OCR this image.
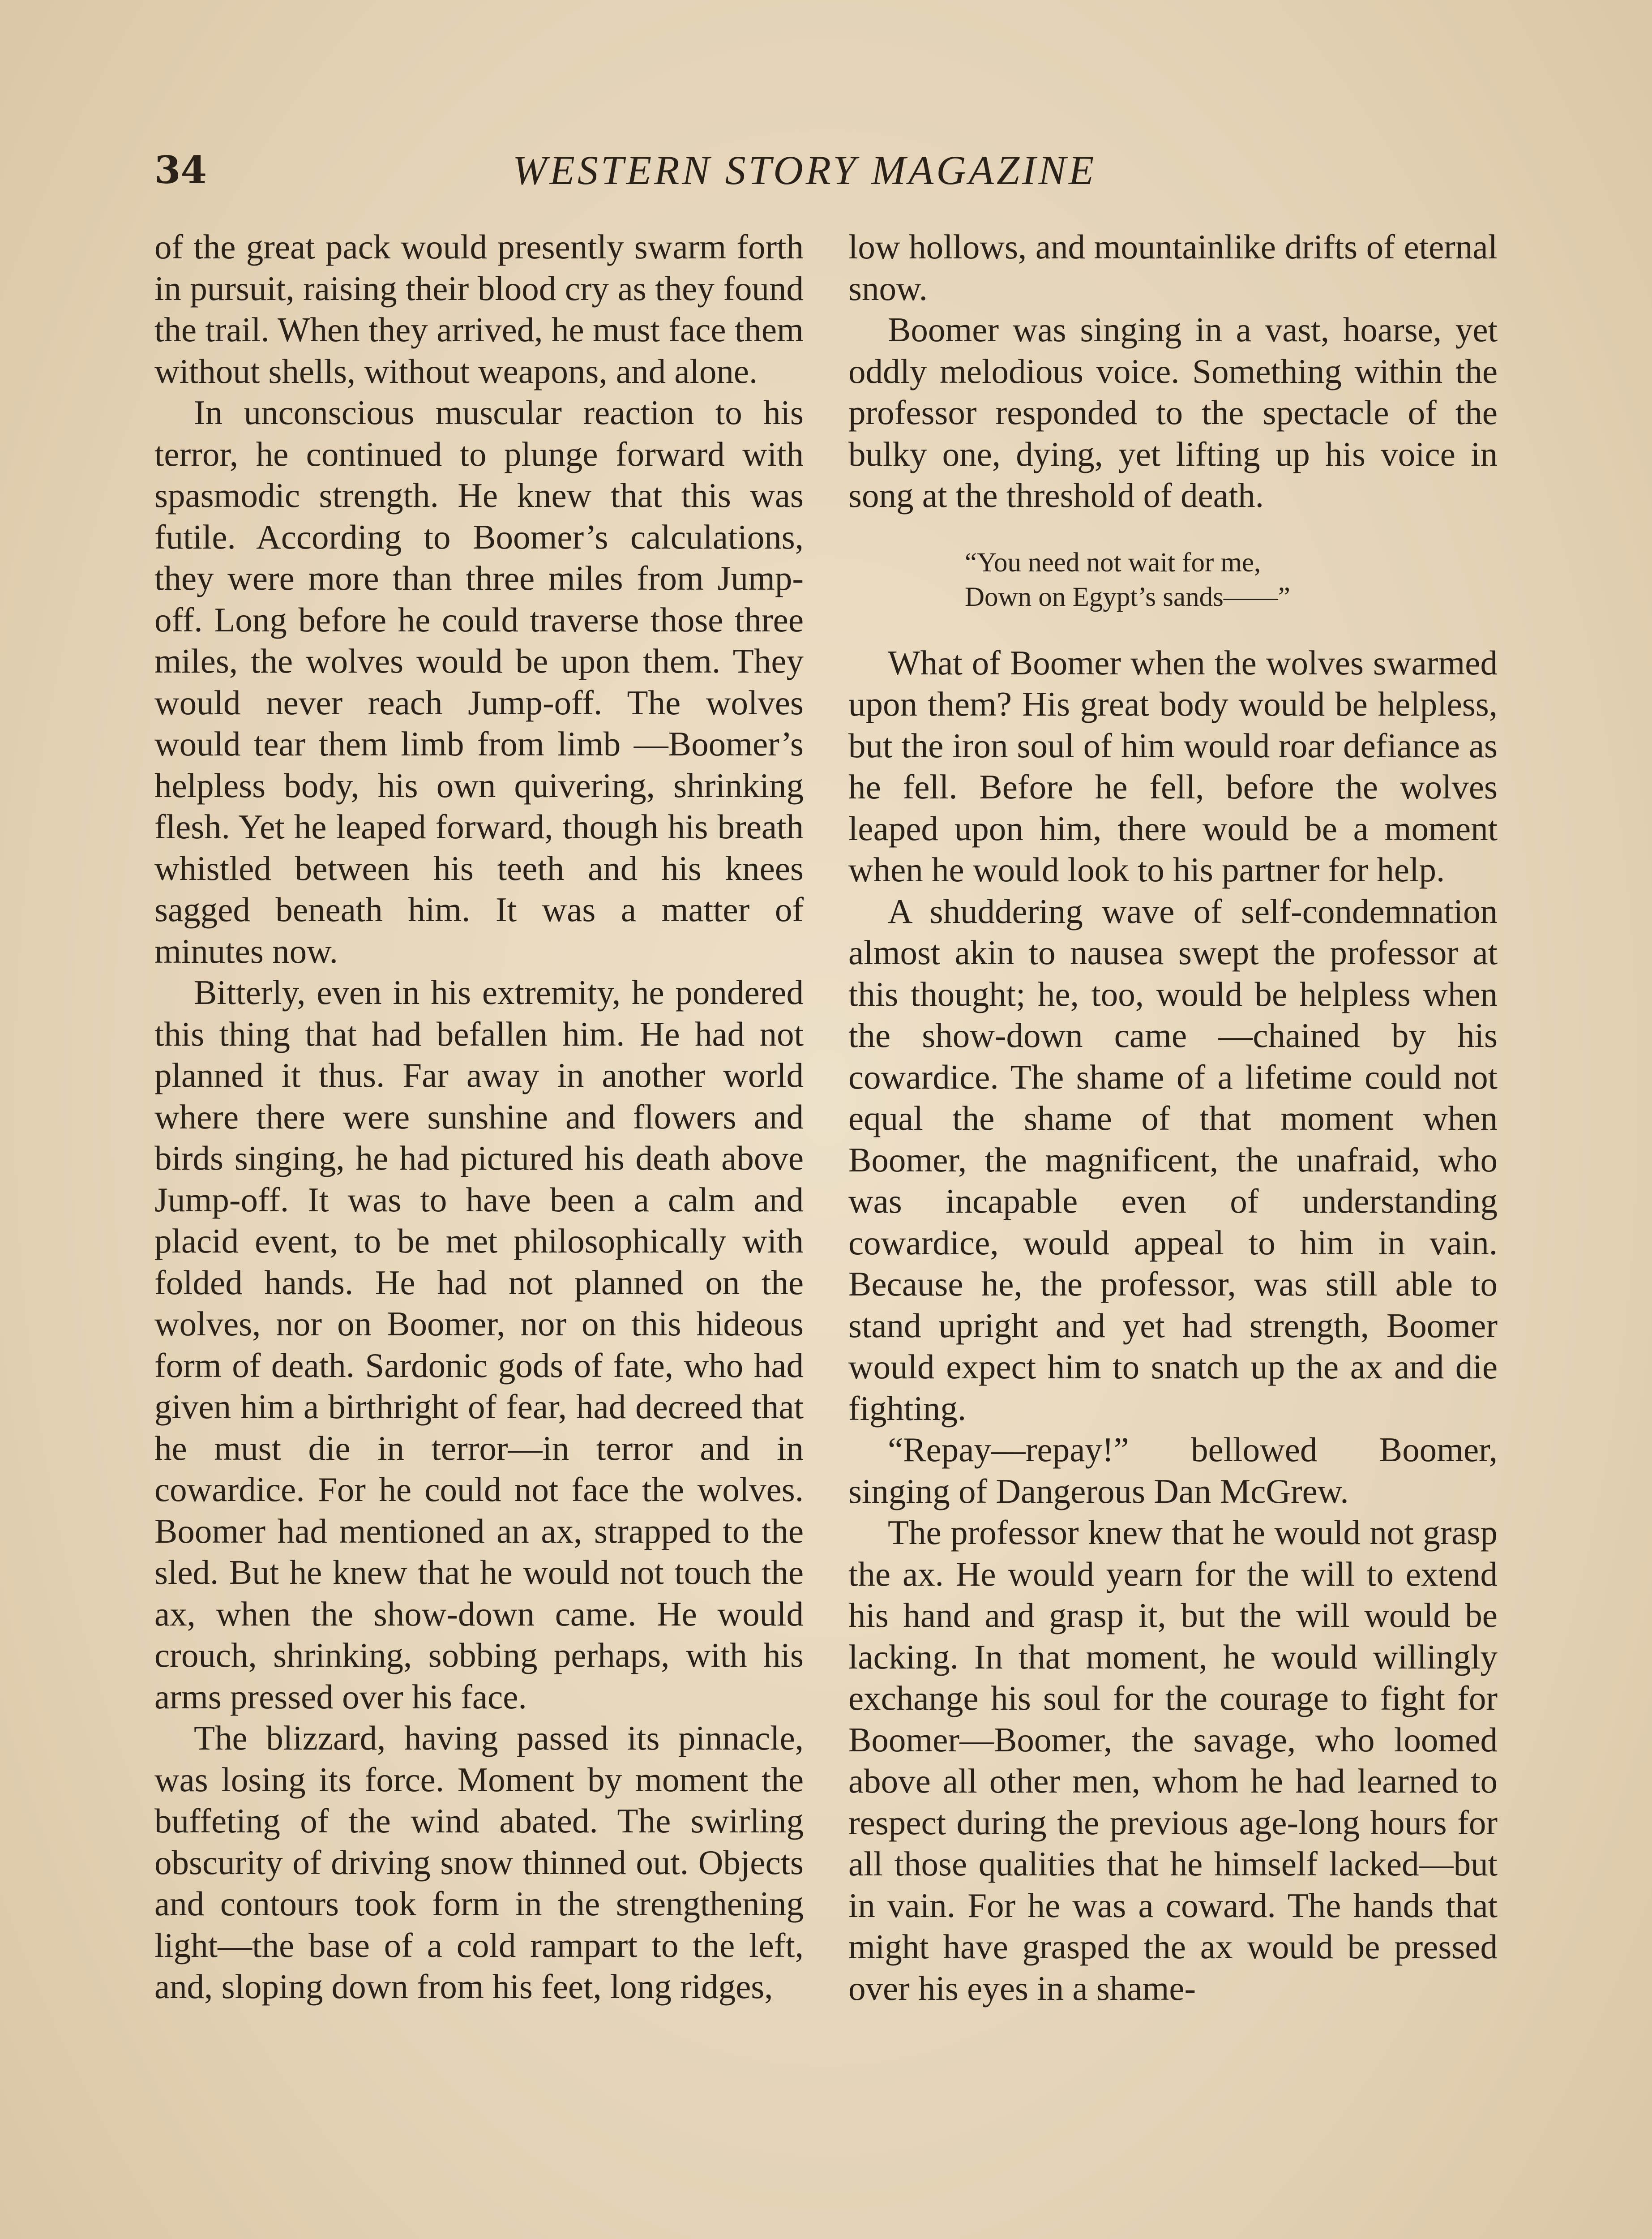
34	WESTERN STORY MAGAZINE

of the great pack would presently swarm forth in pursuit, raising their blood cry as they found the trail. When they arrived, he must face them without shells, without weapons, and alone.

In unconscious muscular reaction to his terror, he continued to plunge forward with spasmodic strength. He knew that this was futile. According to Boomer’s calculations, they were more than three miles from Jump-off. Long before he could traverse those three miles, the wolves would be upon them. They would never reach Jump-off. The wolves would tear them limb from limb —Boomer’s helpless body, his own quivering, shrinking flesh. Yet he leaped forward, though his breath whistled between his teeth and his knees sagged beneath him. It was a matter of minutes now.

Bitterly, even in his extremity, he pondered this thing that had befallen him. He had not planned it thus. Far away in another world where there were sunshine and flowers and birds singing, he had pictured his death above Jump-off. It was to have been a calm and placid event, to be met philosophically with folded hands. He had not planned on the wolves, nor on Boomer, nor on this hideous form of death. Sardonic gods of fate, who had given him a birthright of fear, had decreed that he must die in terror—in terror and in cowardice. For he could not face the wolves. Boomer had mentioned an ax, strapped to the sled. But he knew that he would not touch the ax, when the show-down came. He would crouch, shrinking, sobbing perhaps, with his arms pressed over his face.

The blizzard, having passed its pinnacle, was losing its force. Moment by moment the buffeting of the wind abated. The swirling obscurity of driving snow thinned out. Objects and contours took form in the strengthening light—the base of a cold rampart to the left, and, sloping down from his feet, long ridges,

low hollows, and mountainlike drifts of eternal snow.

Boomer was singing in a vast, hoarse, yet oddly melodious voice. Something within the professor responded to the spectacle of the bulky one, dying, yet lifting up his voice in song at the threshold of death.

“You need not wait for me,
Down on Egypt’s sands——”

What of Boomer when the wolves swarmed upon them? His great body would be helpless, but the iron soul of him would roar defiance as he fell. Before he fell, before the wolves leaped upon him, there would be a moment when he would look to his partner for help.

A shuddering wave of self-condemnation almost akin to nausea swept the professor at this thought; he, too, would be helpless when the show-down came —chained by his cowardice. The shame of a lifetime could not equal the shame of that moment when Boomer, the magnificent, the unafraid, who was incapable even of understanding cowardice, would appeal to him in vain. Because he, the professor, was still able to stand upright and yet had strength, Boomer would expect him to snatch up the ax and die fighting.

“Repay—repay!” bellowed Boomer, singing of Dangerous Dan McGrew.

The professor knew that he would not grasp the ax. He would yearn for the will to extend his hand and grasp it, but the will would be lacking. In that moment, he would willingly exchange his soul for the courage to fight for Boomer—Boomer, the savage, who loomed above all other men, whom he had learned to respect during the previous age-long hours for all those qualities that he himself lacked—but in vain. For he was a coward. The hands that might have grasped the ax would be pressed over his eyes in a shame-
